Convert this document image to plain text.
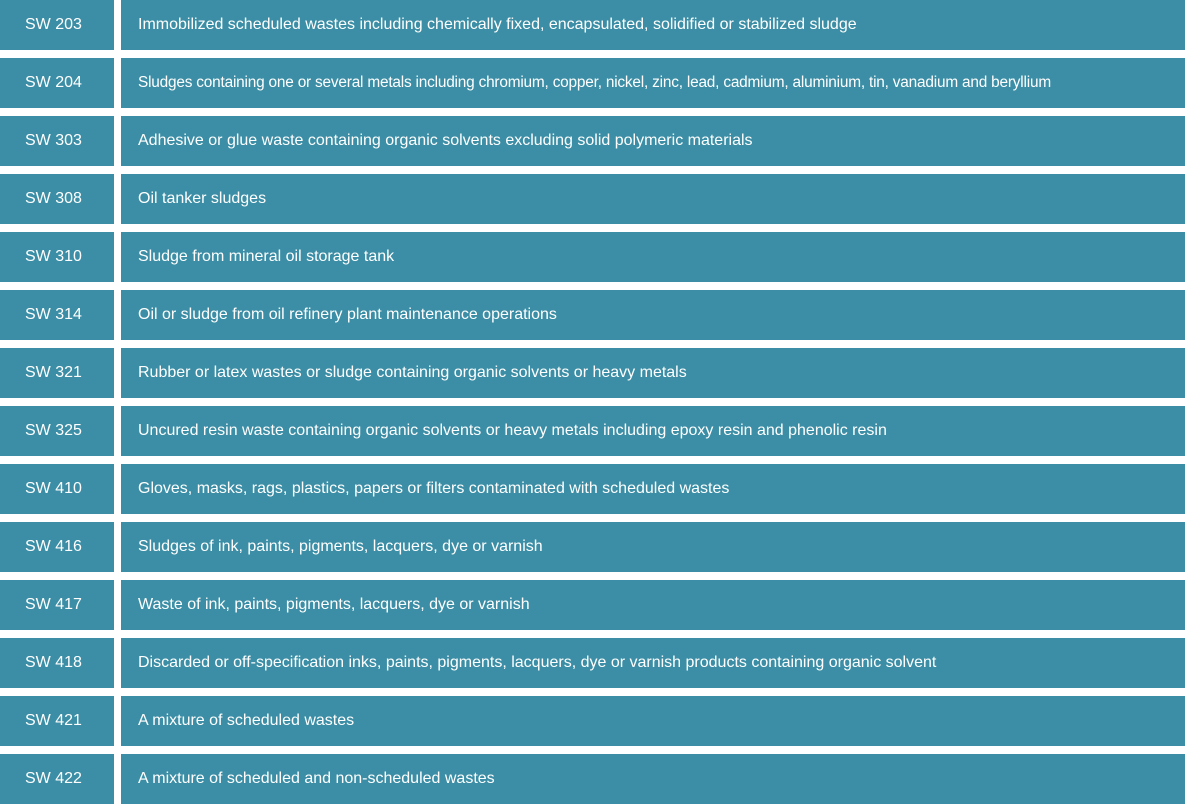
SW 203	Immobilized scheduled wastes including chemically fixed, encapsulated, solidified or stabilized sludge
SW 204	Sludges containing one or several metals including chromium, copper, nickel, zinc, lead, cadmium, aluminium, tin, vanadium and beryllium
SW 303	Adhesive or glue waste containing organic solvents excluding solid polymeric materials
SW 308	Oil tanker sludges
SW 310	Sludge from mineral oil storage tank
SW 314	Oil or sludge from oil refinery plant maintenance operations
SW 321	Rubber or latex wastes or sludge containing organic solvents or heavy metals
SW 325	Uncured resin waste containing organic solvents or heavy metals including epoxy resin and phenolic resin
SW 410	Gloves, masks, rags, plastics, papers or filters contaminated with scheduled wastes
SW 416	Sludges of ink, paints, pigments, lacquers, dye or varnish
SW 417	Waste of ink, paints, pigments, lacquers, dye or varnish
SW 418	Discarded or off-specification inks, paints, pigments, lacquers, dye or varnish products containing organic solvent
SW 421	A mixture of scheduled wastes
SW 422	A mixture of scheduled and non-scheduled wastes
